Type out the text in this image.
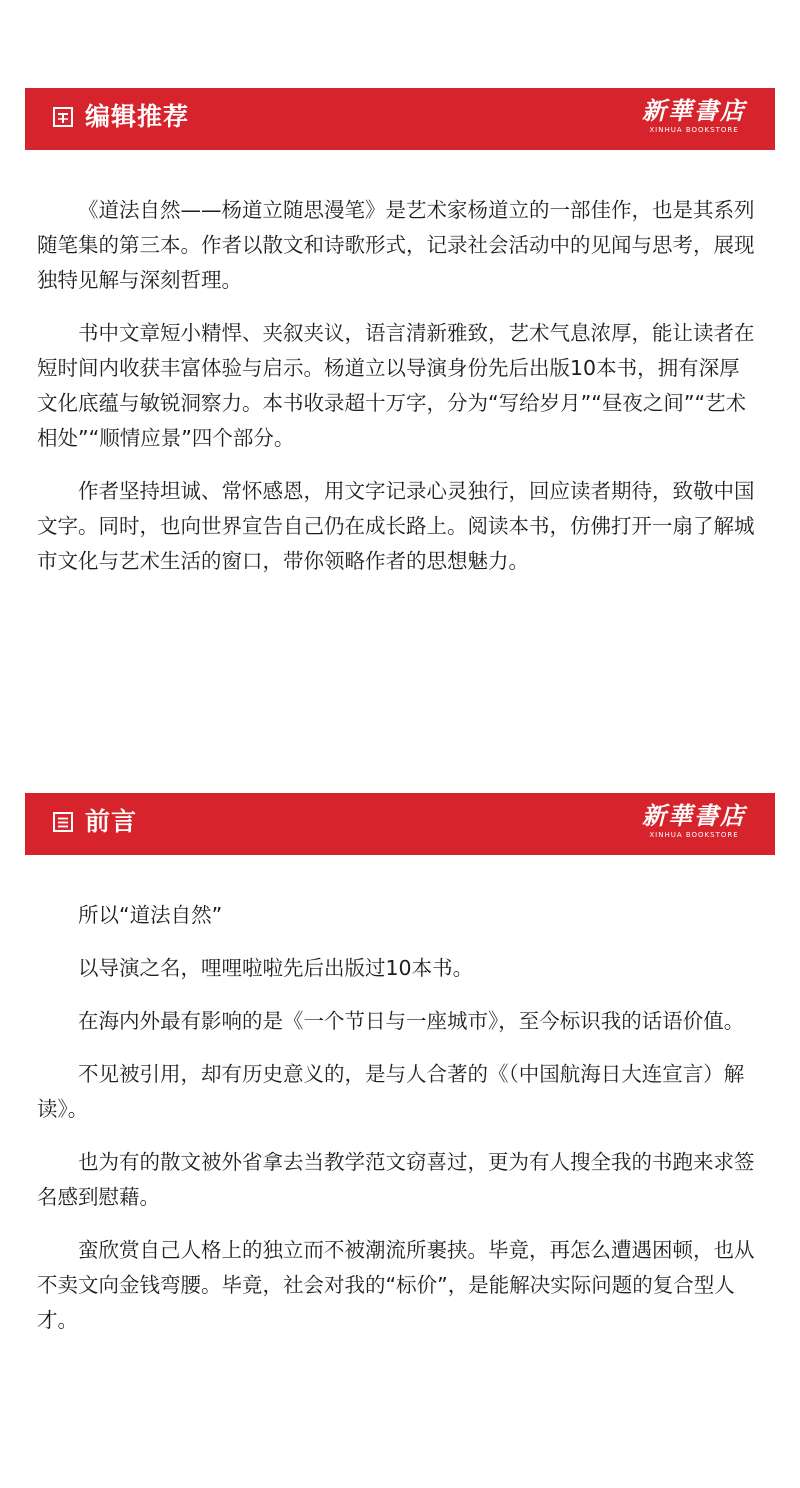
编辑推荐	新華書店
XINHUA BOOKSTORE

《道法自然——杨道立随思漫笔》是艺术家杨道立的一部佳作，也是其系列随笔集的第三本。作者以散文和诗歌形式，记录社会活动中的见闻与思考，展现独特见解与深刻哲理。

书中文章短小精悍、夹叙夹议，语言清新雅致，艺术气息浓厚，能让读者在短时间内收获丰富体验与启示。杨道立以导演身份先后出版10本书，拥有深厚文化底蕴与敏锐洞察力。本书收录超十万字，分为“写给岁月”“昼夜之间”“艺术相处”“顺情应景”四个部分。

作者坚持坦诚、常怀感恩，用文字记录心灵独行，回应读者期待，致敬中国文字。同时，也向世界宣告自己仍在成长路上。阅读本书，仿佛打开一扇了解城市文化与艺术生活的窗口，带你领略作者的思想魅力。

前言	新華書店
XINHUA BOOKSTORE

所以“道法自然”

以导演之名，哩哩啦啦先后出版过10本书。

在海内外最有影响的是《一个节日与一座城市》，至今标识我的话语价值。

不见被引用，却有历史意义的，是与人合著的《（中国航海日大连宣言）解读》。

也为有的散文被外省拿去当教学范文窃喜过，更为有人搜全我的书跑来求签名感到慰藉。

蛮欣赏自己人格上的独立而不被潮流所裹挟。毕竟，再怎么遭遇困顿，也从不卖文向金钱弯腰。毕竟，社会对我的“标价”，是能解决实际问题的复合型人才。
